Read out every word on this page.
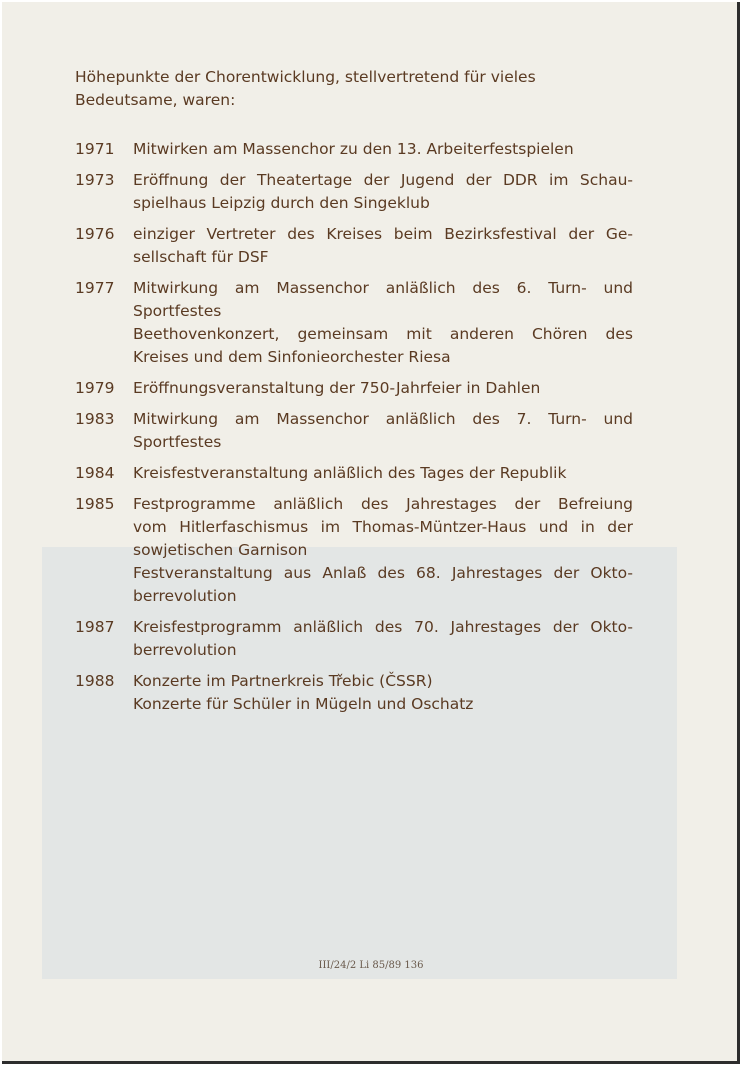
Höhepunkte der Chorentwicklung, stellvertretend für vieles Bedeutsame, waren:

1971	Mitwirken am Massenchor zu den 13. Arbeiterfestspielen
1973	Eröffnung der Theatertage der Jugend der DDR im Schau-
spielhaus Leipzig durch den Singeklub
1976	einziger Vertreter des Kreises beim Bezirksfestival der Ge-
sellschaft für DSF
1977	Mitwirkung am Massenchor anläßlich des 6. Turn- und
Sportfestes
Beethovenkonzert, gemeinsam mit anderen Chören des
Kreises und dem Sinfonieorchester Riesa
1979	Eröffnungsveranstaltung der 750-Jahrfeier in Dahlen
1983	Mitwirkung am Massenchor anläßlich des 7. Turn- und
Sportfestes
1984	Kreisfestveranstaltung anläßlich des Tages der Republik
1985	Festprogramme anläßlich des Jahrestages der Befreiung
vom Hitlerfaschismus im Thomas-Müntzer-Haus und in der
sowjetischen Garnison
Festveranstaltung aus Anlaß des 68. Jahrestages der Okto-
berrevolution
1987	Kreisfestprogramm anläßlich des 70. Jahrestages der Okto-
berrevolution
1988	Konzerte im Partnerkreis Třebic (ČSSR)
Konzerte für Schüler in Mügeln und Oschatz
III/24/2 Li 85/89 136
